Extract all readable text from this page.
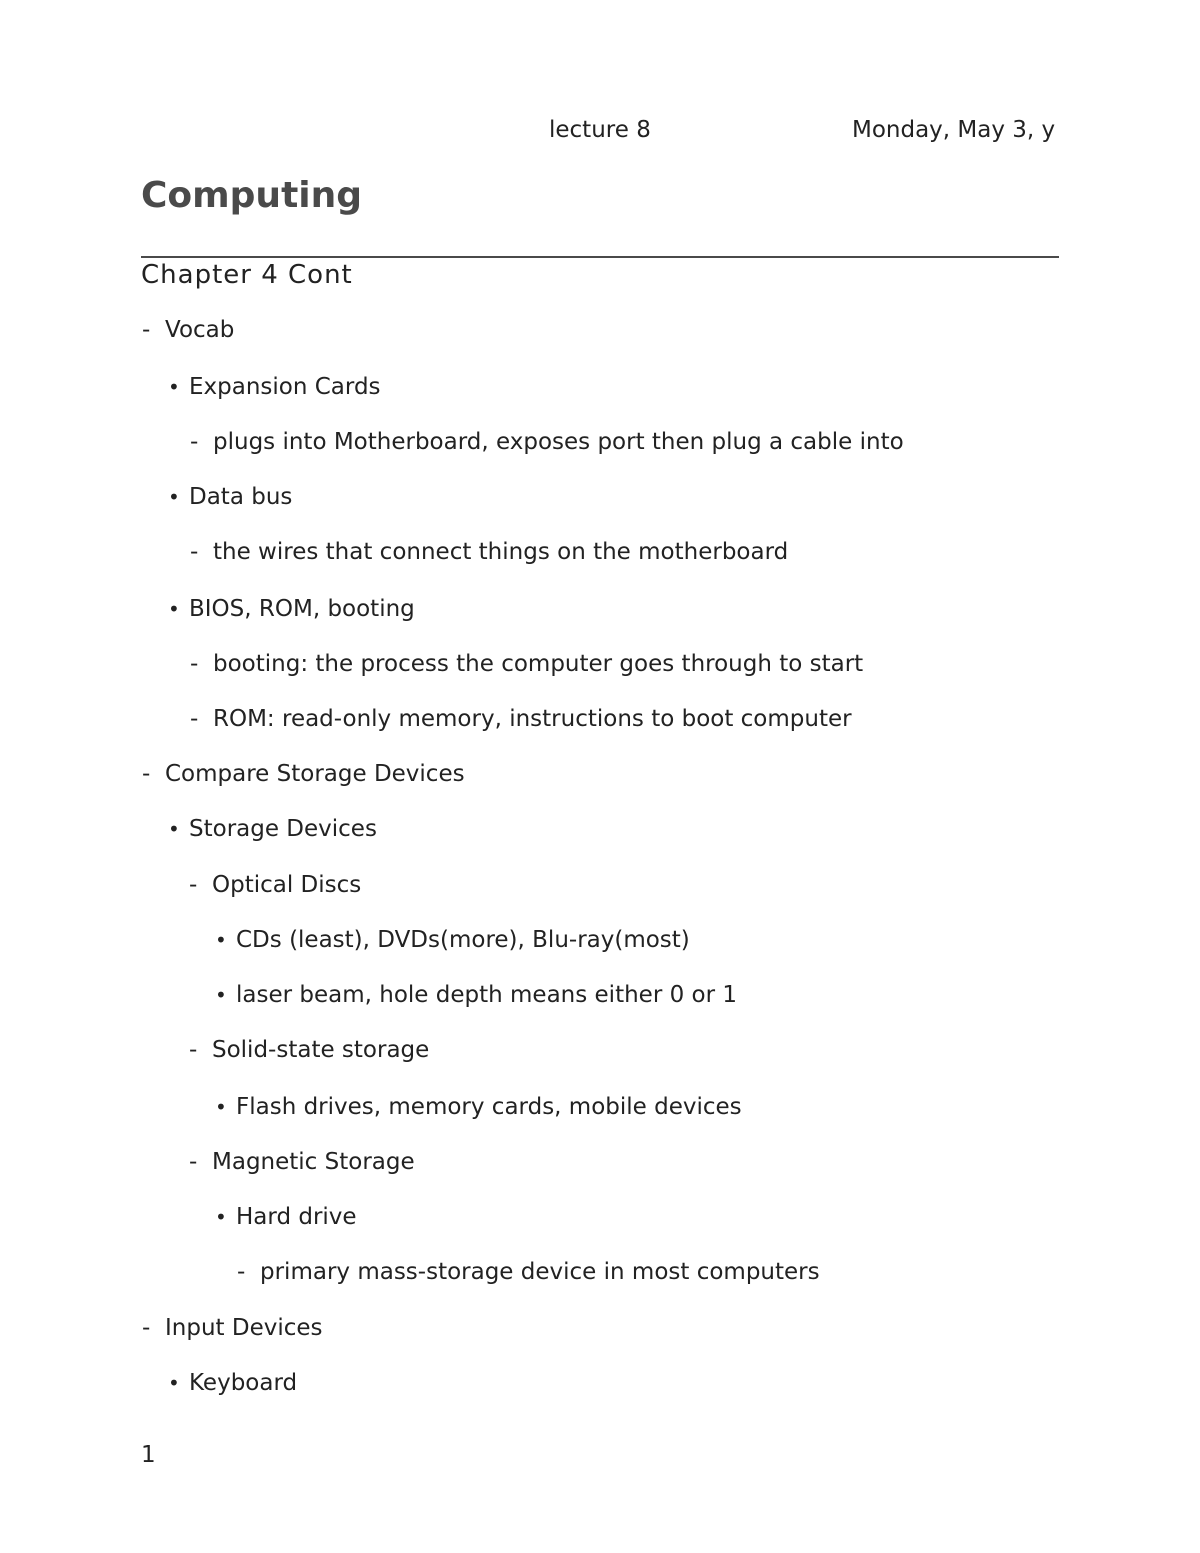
lecture 8	Monday, May 3, y
Computing
Chapter 4 Cont
- Vocab
• Expansion Cards
- plugs into Motherboard, exposes port then plug a cable into
• Data bus
- the wires that connect things on the motherboard
• BIOS, ROM, booting
- booting: the process the computer goes through to start
- ROM: read-only memory, instructions to boot computer
- Compare Storage Devices
• Storage Devices
- Optical Discs
• CDs (least), DVDs(more), Blu-ray(most)
• laser beam, hole depth means either 0 or 1
- Solid-state storage
• Flash drives, memory cards, mobile devices
- Magnetic Storage
• Hard drive
- primary mass-storage device in most computers
- Input Devices
• Keyboard
1
